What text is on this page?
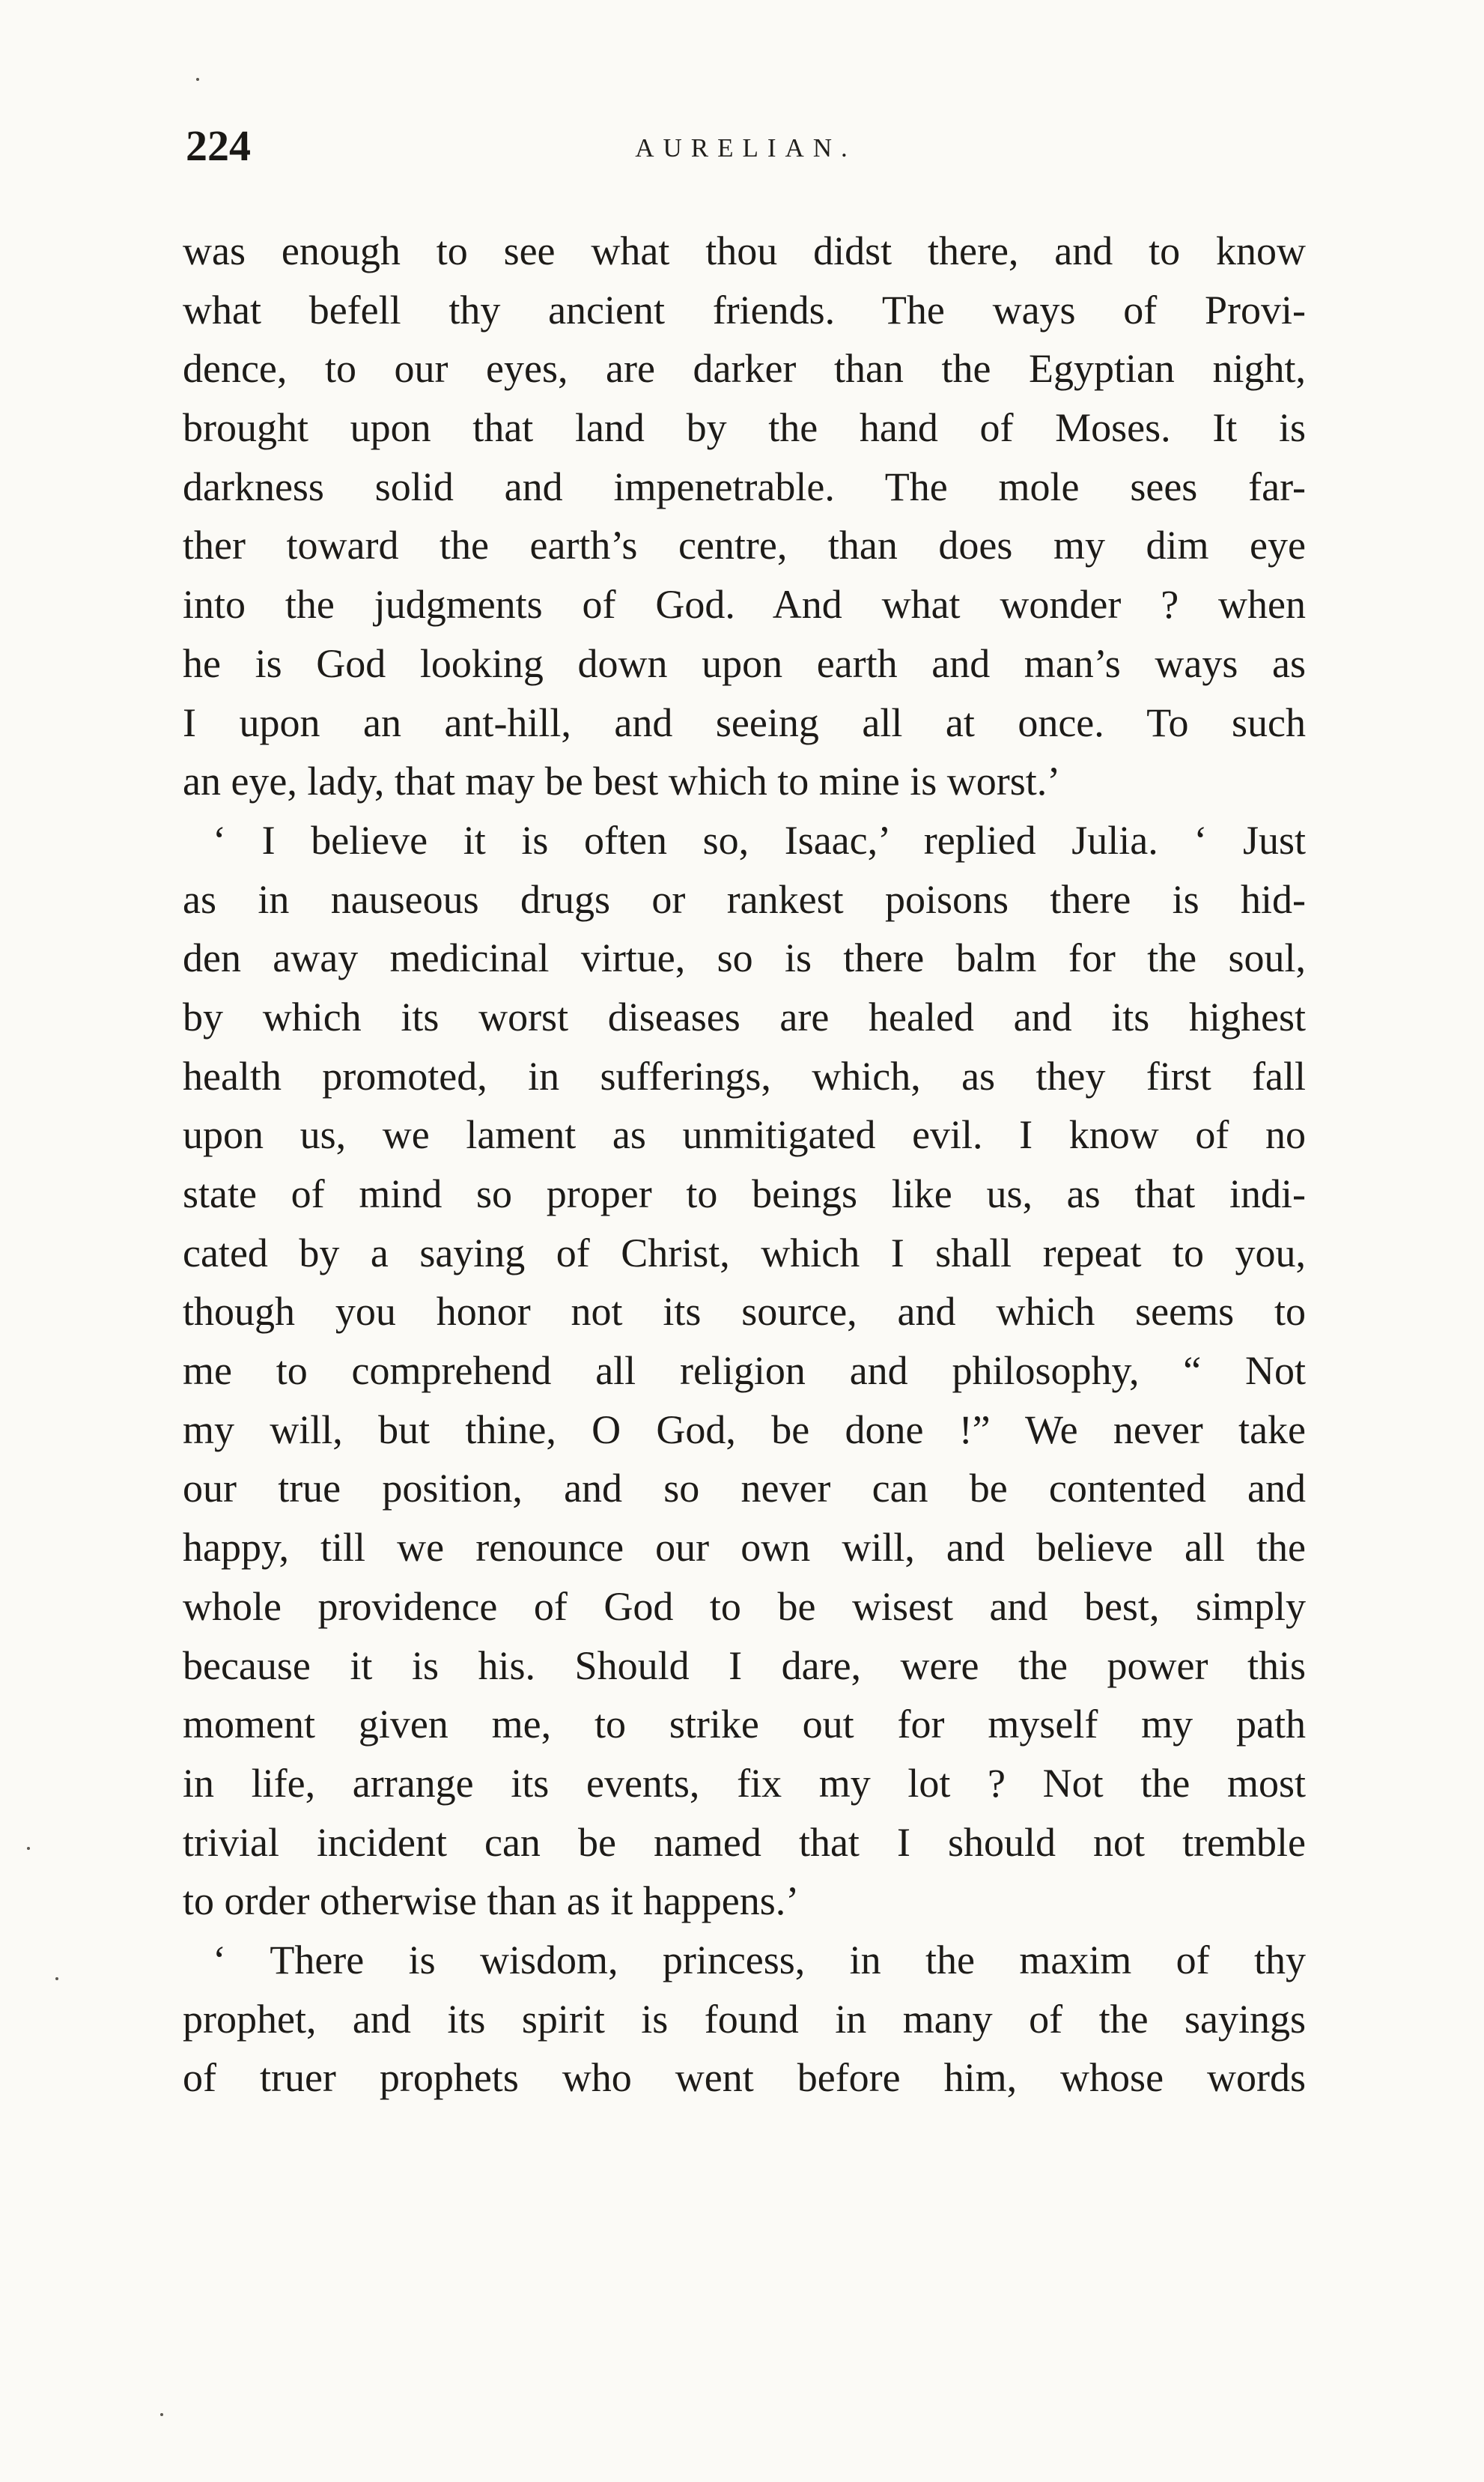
224	AURELIAN.
was enough to see what thou didst there, and to know
what befell thy ancient friends. The ways of Provi-
dence, to our eyes, are darker than the Egyptian night,
brought upon that land by the hand of Moses. It is
darkness solid and impenetrable. The mole sees far-
ther toward the earth’s centre, than does my dim eye
into the judgments of God. And what wonder ? when
he is God looking down upon earth and man’s ways as
I upon an ant-hill, and seeing all at once. To such
an eye, lady, that may be best which to mine is worst.’
‘ I believe it is often so, Isaac,’ replied Julia. ‘ Just
as in nauseous drugs or rankest poisons there is hid-
den away medicinal virtue, so is there balm for the soul,
by which its worst diseases are healed and its highest
health promoted, in sufferings, which, as they first fall
upon us, we lament as unmitigated evil. I know of no
state of mind so proper to beings like us, as that indi-
cated by a saying of Christ, which I shall repeat to you,
though you honor not its source, and which seems to
me to comprehend all religion and philosophy, “ Not
my will, but thine, O God, be done !” We never take
our true position, and so never can be contented and
happy, till we renounce our own will, and believe all the
whole providence of God to be wisest and best, simply
because it is his. Should I dare, were the power this
moment given me, to strike out for myself my path
in life, arrange its events, fix my lot ? Not the most
trivial incident can be named that I should not tremble
to order otherwise than as it happens.’
‘ There is wisdom, princess, in the maxim of thy
prophet, and its spirit is found in many of the sayings
of truer prophets who went before him, whose words
